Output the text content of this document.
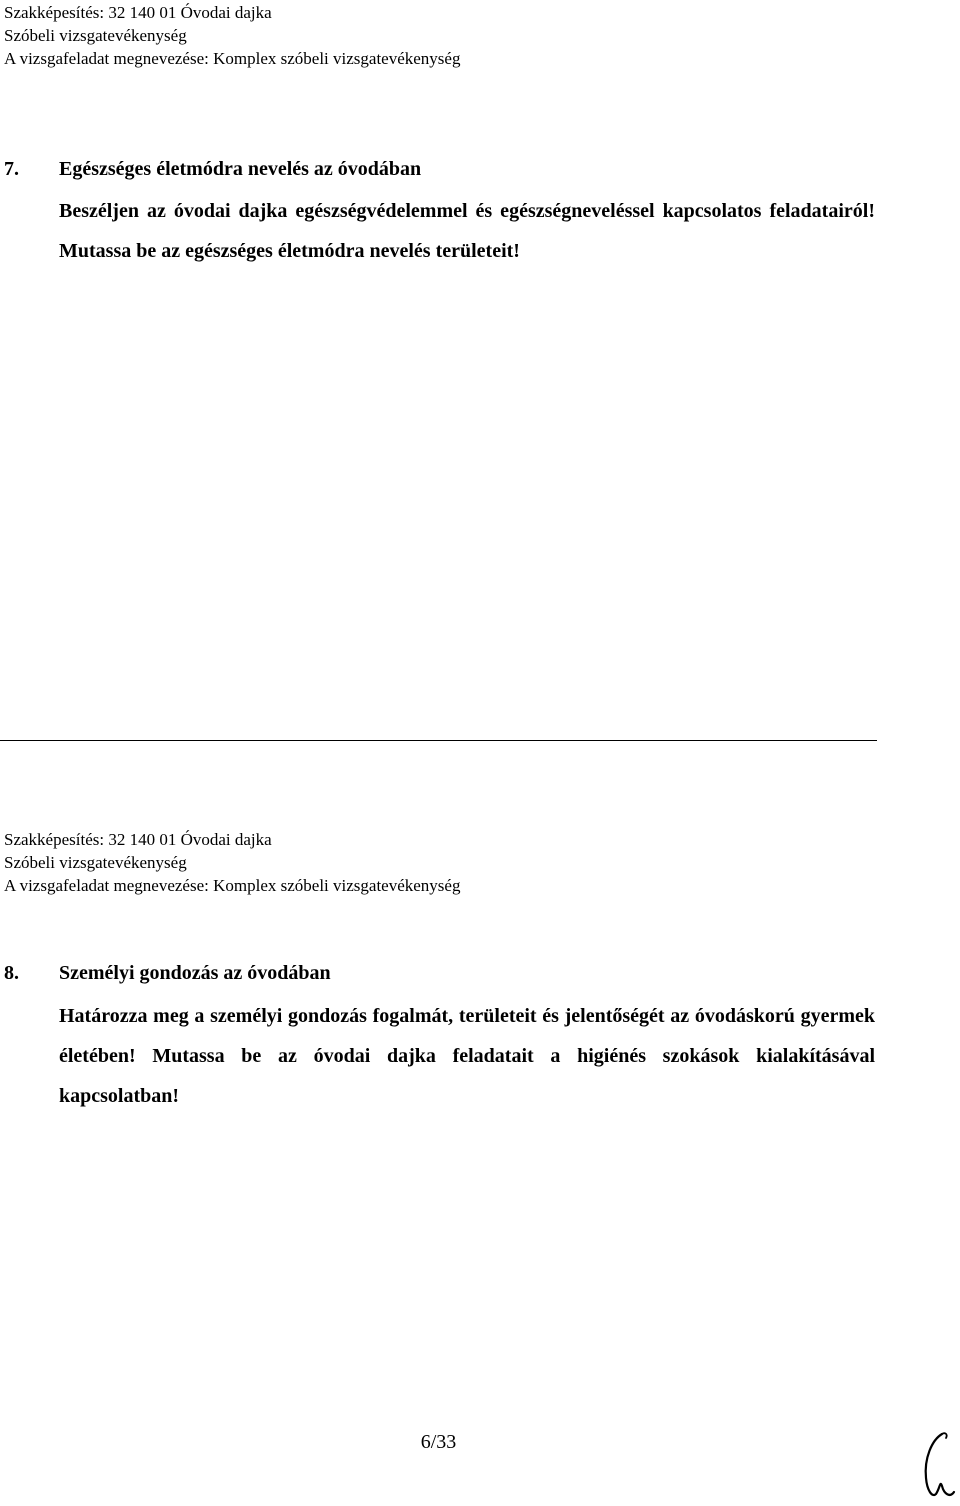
Szakképesítés: 32 140 01 Óvodai dajka
Szóbeli vizsgatevékenység
A vizsgafeladat megnevezése: Komplex szóbeli vizsgatevékenység
7. Egészséges életmódra nevelés az óvodában
Beszéljen az óvodai dajka egészségvédelemmel és egészségneveléssel kapcsolatos feladatairól! Mutassa be az egészséges életmódra nevelés területeit!
Szakképesítés: 32 140 01 Óvodai dajka
Szóbeli vizsgatevékenység
A vizsgafeladat megnevezése: Komplex szóbeli vizsgatevékenység
8. Személyi gondozás az óvodában
Határozza meg a személyi gondozás fogalmát, területeit és jelentőségét az óvodáskorú gyermek életében! Mutassa be az óvodai dajka feladatait a higiénés szokások kialakításával kapcsolatban!
6/33
